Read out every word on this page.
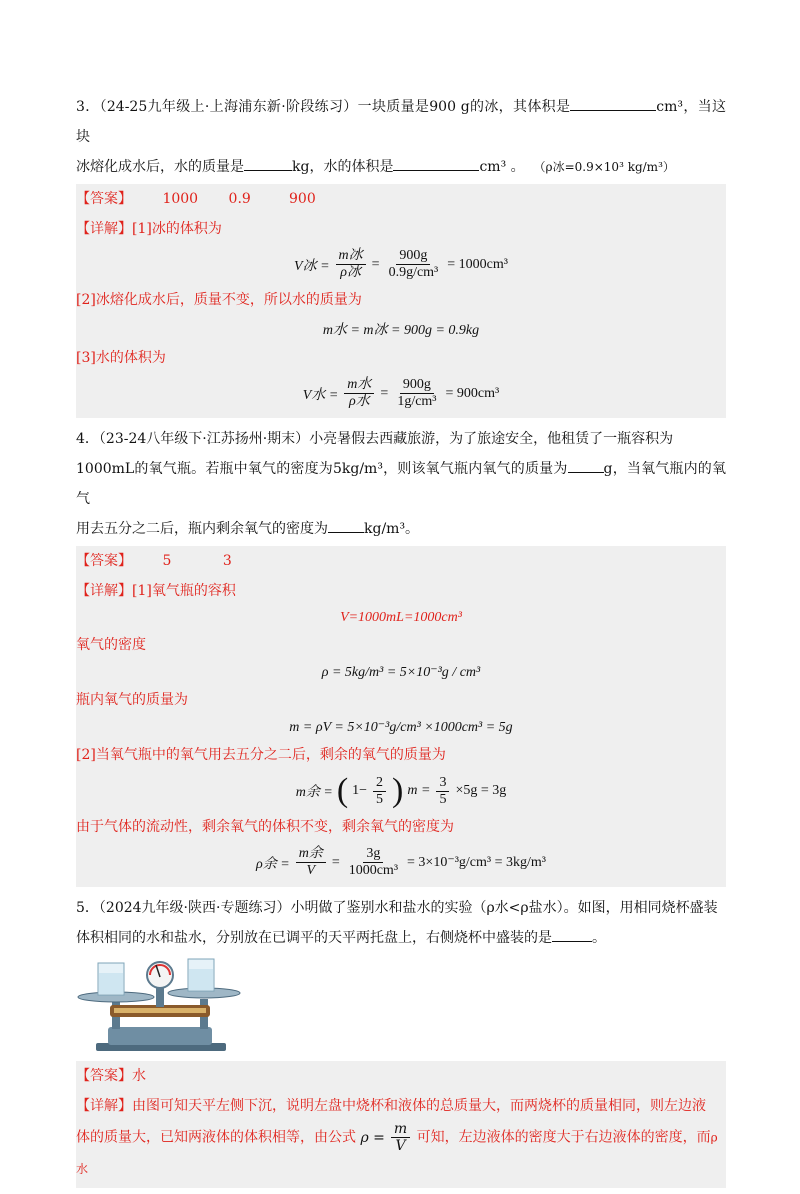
3．（24-25九年级上·上海浦东新·阶段练习）一块质量是900 g的冰，其体积是	cm³，当这块
冰熔化成水后，水的质量是	kg，水的体积是	cm³ 。 （ρ冰=0.9×10³ kg/m³）
【答案】 1000 0.9	900
【详解】[1]冰的体积为
V冰 = $\frac{\text{m冰}}{\text{ρ冰}} = \frac{900g}{\text{0.9g/cm³}} = 1000cm^3$
[2]冰熔化成水后，质量不变，所以水的质量为
m水 = m冰 = 900g = 0.9kg
[3]水的体积为
V水 = $\frac{\text{m水}}{\text{ρ水}} = \frac{900g}{\text{1g/cm³}} = 900cm^3$
4．（23-24八年级下·江苏扬州·期末）小亮暑假去西藏旅游，为了旅途安全，他租赁了一瓶容积为
1000mL的氧气瓶。若瓶中氧气的密度为5kg/m³，则该氧气瓶内氧气的质量为	g，当氧气瓶内的氧气
用去五分之二后，瓶内剩余氧气的密度为	kg/m³。
【答案】 5	3
【详解】[1]氧气瓶的容积
V=1000mL=1000cm³
氧气的密度
ρ = 5kg/m³ = 5×10⁻³g / cm³
瓶内氧气的质量为
m = ρV = 5×10⁻³g/cm³ ×1000cm³ = 5g
[2]当氧气瓶中的氧气用去五分之二后，剩余的氧气的质量为
m余 = ( $1- \frac{2}{5}$ ) $m = \frac{3}{5} \times 5g = 3g$
由于气体的流动性，剩余氧气的体积不变，剩余氧气的密度为
ρ余 = $\frac{\text{m余}}{V} = \frac{3g}{\text{1000cm³}} = 3\times 10^{-3}g/cm^3 = 3kg/m^3$
5．（2024九年级·陕西·专题练习）小明做了鉴别水和盐水的实验（ρ水<ρ盐水）。如图，用相同烧杯盛装
体积相同的水和盐水，分别放在已调平的天平两托盘上，右侧烧杯中盛装的是	。
【答案】水
【详解】由图可知天平左侧下沉，说明左盘中烧杯和液体的总质量大，而两烧杯的质量相同，则左边液
体的质量大，已知两液体的体积相等，由公式 $\rho = \frac{m}{V}$ 可知，左边液体的密度大于右边液体的密度，而ρ水
